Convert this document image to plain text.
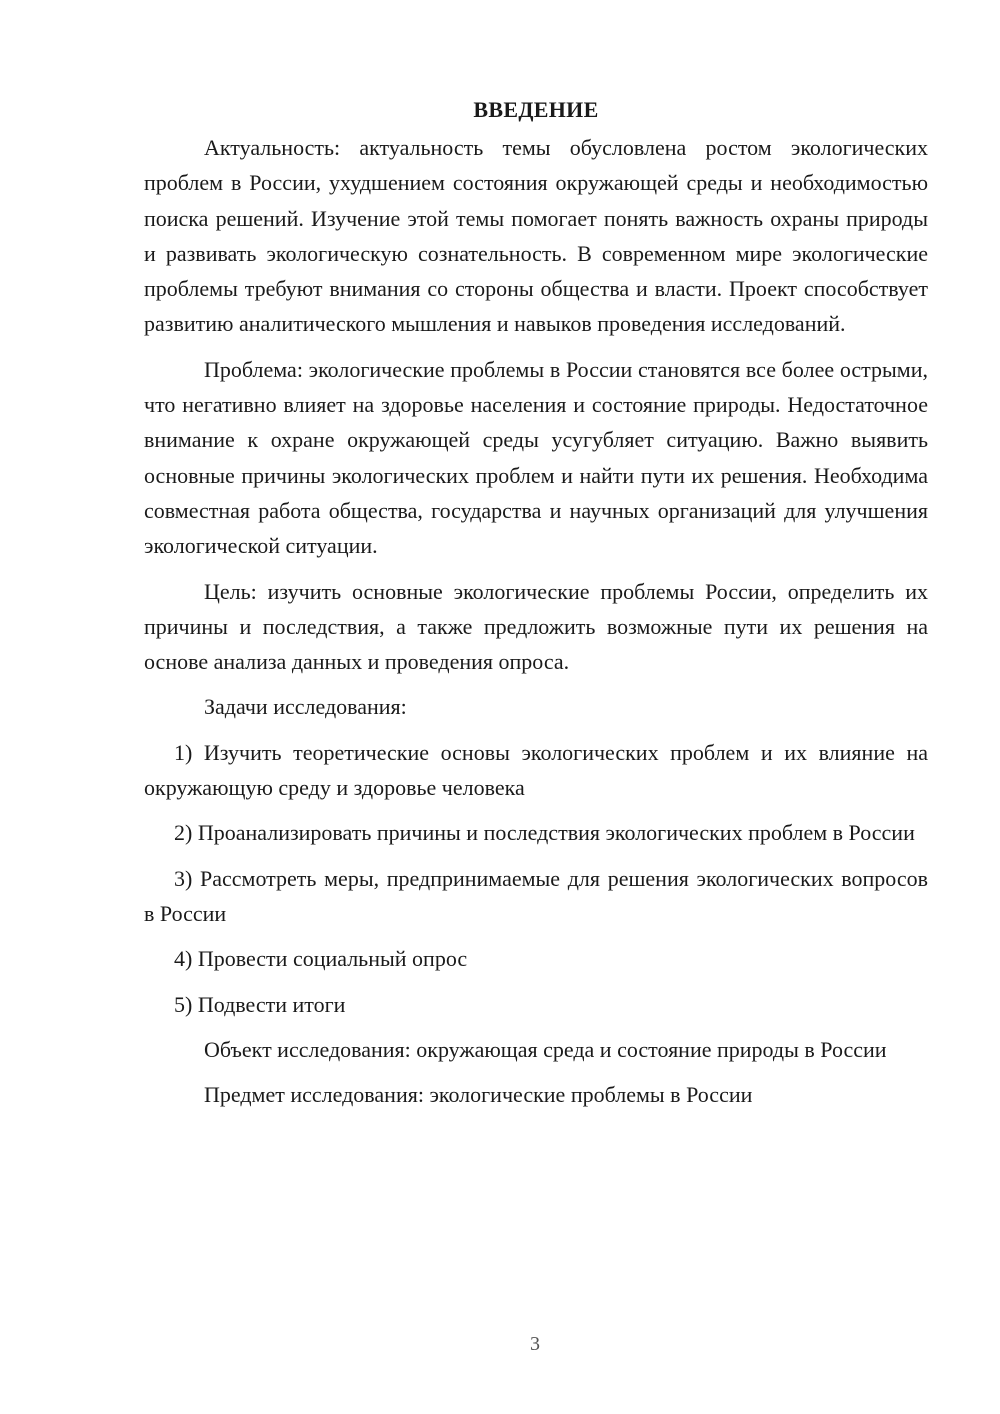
ВВЕДЕНИЕ

Актуальность: актуальность темы обусловлена ростом экологических проблем в России, ухудшением состояния окружающей среды и необходимостью поиска решений. Изучение этой темы помогает понять важность охраны природы и развивать экологическую сознательность. В современном мире экологические проблемы требуют внимания со стороны общества и власти. Проект способствует развитию аналитического мышления и навыков проведения исследований.

Проблема: экологические проблемы в России становятся все более острыми, что негативно влияет на здоровье населения и состояние природы. Недостаточное внимание к охране окружающей среды усугубляет ситуацию. Важно выявить основные причины экологических проблем и найти пути их решения. Необходима совместная работа общества, государства и научных организаций для улучшения экологической ситуации.

Цель: изучить основные экологические проблемы России, определить их причины и последствия, а также предложить возможные пути их решения на основе анализа данных и проведения опроса.

Задачи исследования:

1) Изучить теоретические основы экологических проблем и их влияние на окружающую среду и здоровье человека

2) Проанализировать причины и последствия экологических проблем в России

3) Рассмотреть меры, предпринимаемые для решения экологических вопросов в России

4) Провести социальный опрос

5) Подвести итоги

Объект исследования: окружающая среда и состояние природы в России

Предмет исследования: экологические проблемы в России

3
